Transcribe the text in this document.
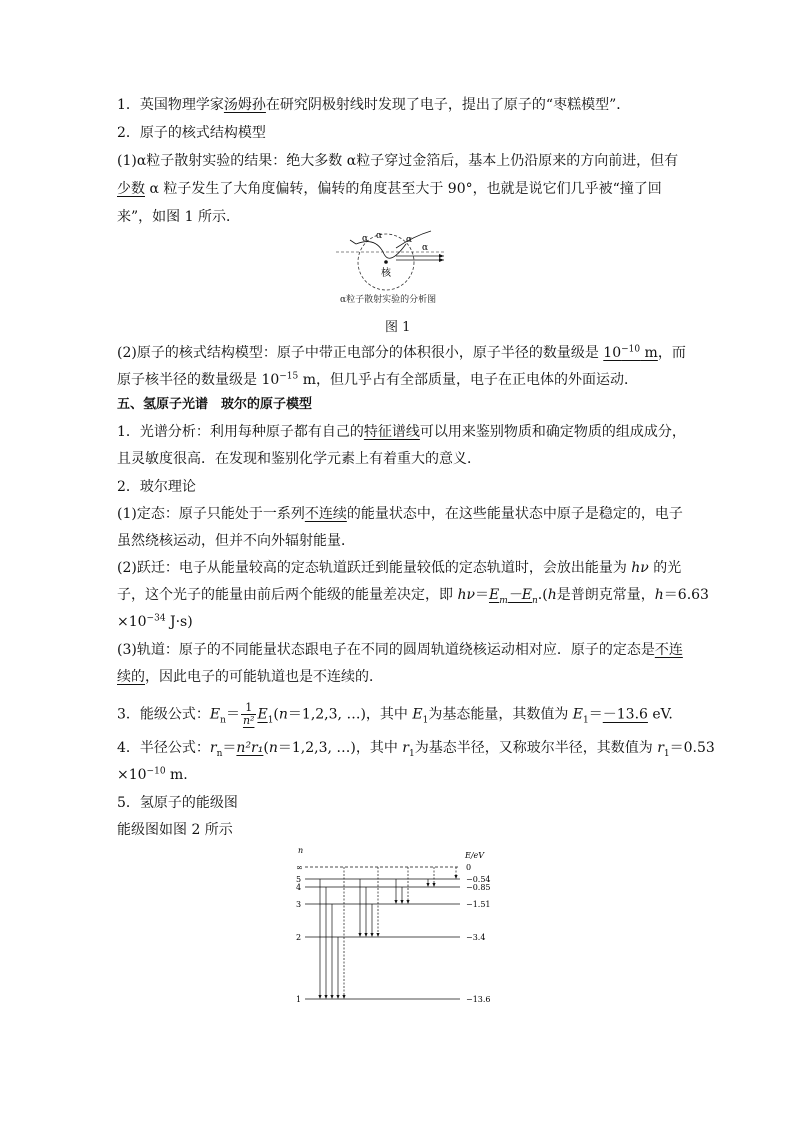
1．英国物理学家汤姆孙在研究阴极射线时发现了电子，提出了原子的“枣糕模型”．
2．原子的核式结构模型
(1)α粒子散射实验的结果：绝大多数 α粒子穿过金箔后，基本上仍沿原来的方向前进，但有
少数 α 粒子发生了大角度偏转，偏转的角度甚至大于 90°，也就是说它们几乎被“撞了回
来”，如图 1 所示．
α α	α
α
核
α粒子散射实验的分析图
图 1
(2)原子的核式结构模型：原子中带正电部分的体积很小，原子半径的数量级是 $10^{-10}$ m，而
原子核半径的数量级是 $10^{-15}$ m，但几乎占有全部质量，电子在正电体的外面运动．
五、氢原子光谱　玻尔的原子模型
1．光谱分析：利用每种原子都有自己的特征谱线可以用来鉴别物质和确定物质的组成成分，
且灵敏度很高．在发现和鉴别化学元素上有着重大的意义．
2．玻尔理论
(1)定态：原子只能处于一系列不连续的能量状态中，在这些能量状态中原子是稳定的，电子
虽然绕核运动，但并不向外辐射能量．
(2)跃迁：电子从能量较高的定态轨道跃迁到能量较低的定态轨道时，会放出能量为 hν 的光
子，这个光子的能量由前后两个能级的能量差决定，即 $h\nu=E_m-E_n.(h$是普朗克常量，h＝6.63
$\times 10^{-34}$ J·s)
(3)轨道：原子的不同能量状态跟电子在不同的圆周轨道绕核运动相对应．原子的定态是不连
续的，因此电子的可能轨道也是不连续的．
3．能级公式：$E_n= \frac{1}{\text{n²}} E_1(n=1,2,3$, …)，其中 $E_1$为基态能量，其数值为 $E_1=-13.6$ eV.
4．半径公式：$r_n=n^2r_1(n=1,2,3$, …)，其中 $r_1$为基态半径，又称玻尔半径，其数值为 $r_1=0.53$
$\times 10^{-10}$ m.
5．氢原子的能级图
能级图如图 2 所示
n
E/eV
∞	0
5	−0.54
4	−0.85
3	−1.51
2	−3.4
1	−13.6
